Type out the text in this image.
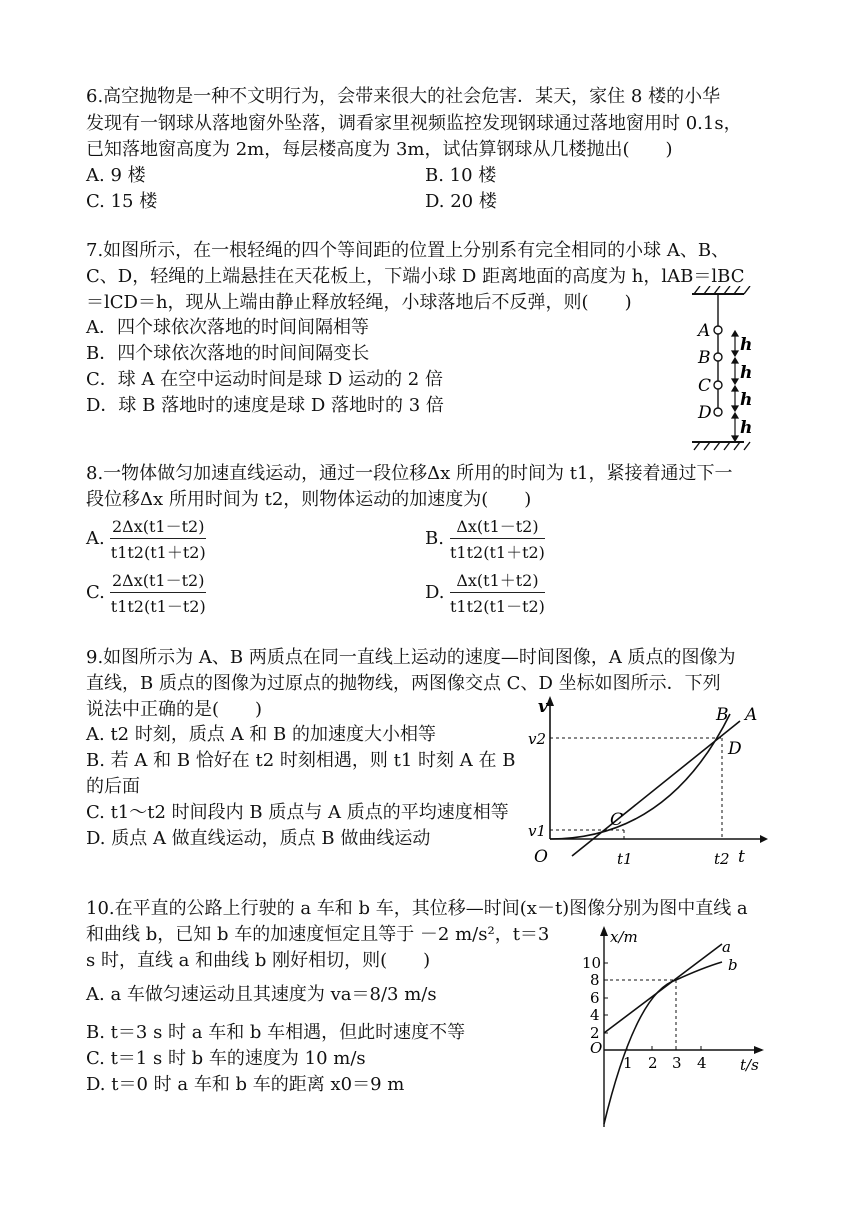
6.高空抛物是一种不文明行为，会带来很大的社会危害．某天，家住 8 楼的小华
发现有一钢球从落地窗外坠落，调看家里视频监控发现钢球通过落地窗用时 0.1s，
已知落地窗高度为 2m，每层楼高度为 3m，试估算钢球从几楼抛出(　　)
A. 9 楼	B. 10 楼
C. 15 楼	D. 20 楼
7.如图所示，在一根轻绳的四个等间距的位置上分别系有完全相同的小球 A、B、
C、D，轻绳的上端悬挂在天花板上，下端小球 D 距离地面的高度为 h，lAB＝lBC
＝lCD＝h，现从上端由静止释放轻绳，小球落地后不反弹，则(　　)
A．四个球依次落地的时间间隔相等
B．四个球依次落地的时间间隔变长
C．球 A 在空中运动时间是球 D 运动的 2 倍
D．球 B 落地时的速度是球 D 落地时的 3 倍
A
B
C
D
h
h
h
h
8.一物体做匀加速直线运动，通过一段位移Δx 所用的时间为 t1，紧接着通过下一
段位移Δx 所用时间为 t2，则物体运动的加速度为(　　)
A. $\frac{2\Delta x(t1-t2)}{t1t2(t1+t2)}$	B. $\frac{\Delta x(t1-t2)}{t1t2(t1+t2)}$
C. $\frac{2\Delta x(t1-t2)}{t1t2(t1-t2)}$	D. $\frac{\Delta x(t1+t2)}{t1t2(t1-t2)}$
9.如图所示为 A、B 两质点在同一直线上运动的速度—时间图像，A 质点的图像为
直线，B 质点的图像为过原点的抛物线，两图像交点 C、D 坐标如图所示．下列
说法中正确的是(　　)
A. t2 时刻，质点 A 和 B 的加速度大小相等
B. 若 A 和 B 恰好在 t2 时刻相遇，则 t1 时刻 A 在 B
的后面
C. t1～t2 时间段内 B 质点与 A 质点的平均速度相等
D. 质点 A 做直线运动，质点 B 做曲线运动
v
t
O
v2
v1
t1	t2
A
B
C
D
10.在平直的公路上行驶的 a 车和 b 车，其位移—时间(x－t)图像分别为图中直线 a
和曲线 b，已知 b 车的加速度恒定且等于 －2 m/s²，t＝3
s 时，直线 a 和曲线 b 刚好相切，则(　　)
A. a 车做匀速运动且其速度为 va＝8/3 m/s
B. t＝3 s 时 a 车和 b 车相遇，但此时速度不等
C. t＝1 s 时 b 车的速度为 10 m/s
D. t＝0 时 a 车和 b 车的距离 x0＝9 m
x/m
t/s
O
10
8
6
4
2
1 2 3 4
a
b
